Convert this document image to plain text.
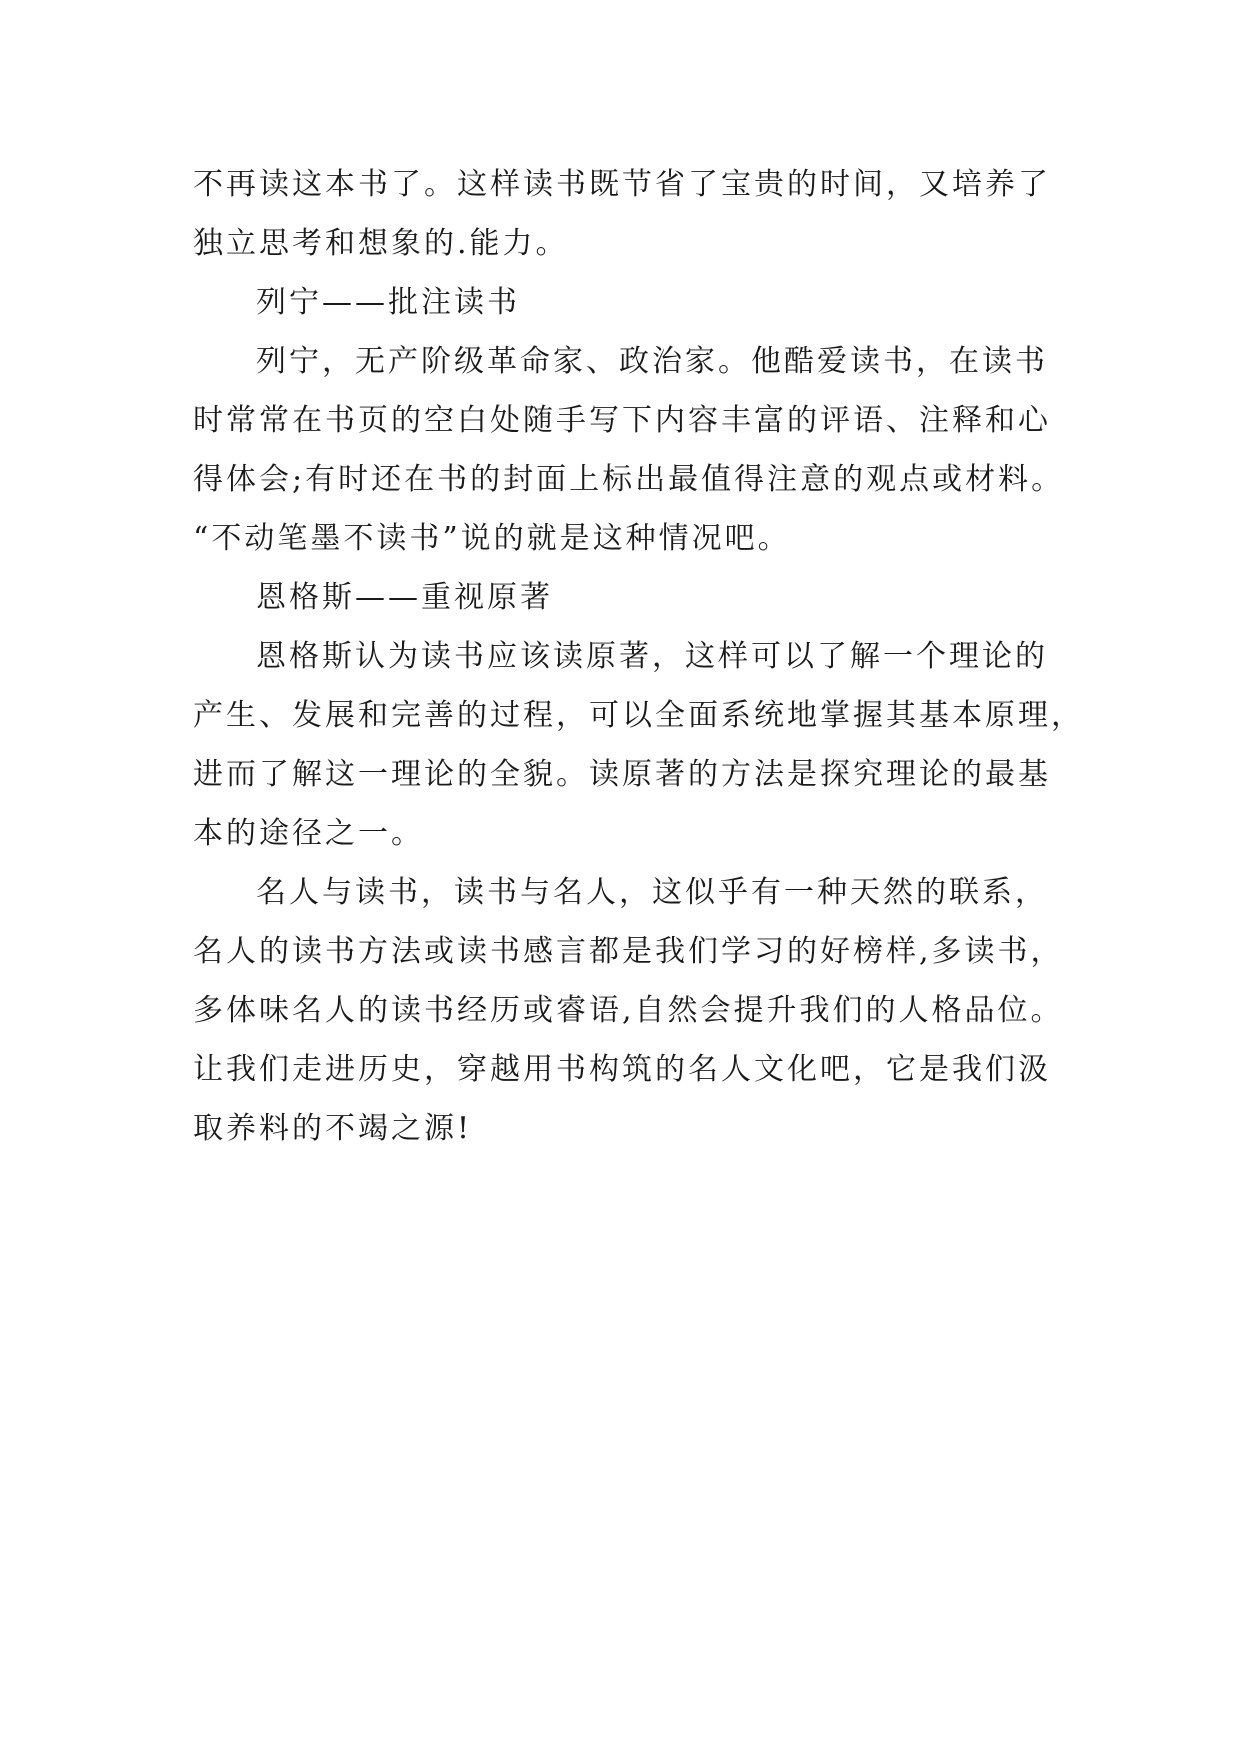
不再读这本书了。这样读书既节省了宝贵的时间，又培养了
独立思考和想象的.能力。
列宁——批注读书
列宁，无产阶级革命家、政治家。他酷爱读书，在读书
时常常在书页的空白处随手写下内容丰富的评语、注释和心
得体会;有时还在书的封面上标出最值得注意的观点或材料。
“不动笔墨不读书”说的就是这种情况吧。
恩格斯——重视原著
恩格斯认为读书应该读原著，这样可以了解一个理论的
产生、发展和完善的过程，可以全面系统地掌握其基本原理，
进而了解这一理论的全貌。读原著的方法是探究理论的最基
本的途径之一。
名人与读书，读书与名人，这似乎有一种天然的联系，
名人的读书方法或读书感言都是我们学习的好榜样,多读书，
多体味名人的读书经历或睿语,自然会提升我们的人格品位。
让我们走进历史，穿越用书构筑的名人文化吧，它是我们汲
取养料的不竭之源!
